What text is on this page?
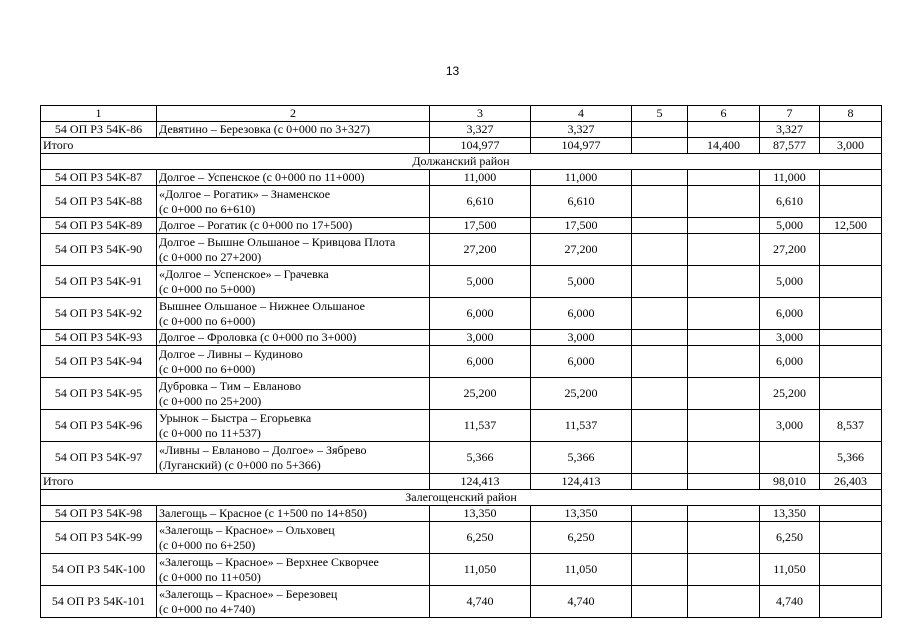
13
1	2	3	4	5	6	7	8
54 ОП РЗ 54К-86	Девятино – Березовка (с 0+000 по 3+327)	3,327	3,327			3,327	
Итого		104,977	104,977		14,400	87,577	3,000
Должанский район							
54 ОП РЗ 54К-87	Долгое – Успенское (с 0+000 по 11+000)	11,000	11,000			11,000	
54 ОП РЗ 54К-88	«Долгое – Рогатик» – Знаменское
(с 0+000 по 6+610)	6,610	6,610			6,610	
54 ОП РЗ 54К-89	Долгое – Рогатик (с 0+000 по 17+500)	17,500	17,500			5,000	12,500
54 ОП РЗ 54К-90	Долгое – Вышне Ольшаное – Кривцова Плота
(с 0+000 по 27+200)	27,200	27,200			27,200	
54 ОП РЗ 54К-91	«Долгое – Успенское» – Грачевка
(с 0+000 по 5+000)	5,000	5,000			5,000	
54 ОП РЗ 54К-92	Вышнее Ольшаное – Нижнее Ольшаное
(с 0+000 по 6+000)	6,000	6,000			6,000	
54 ОП РЗ 54К-93	Долгое – Фроловка (с 0+000 по 3+000)	3,000	3,000			3,000	
54 ОП РЗ 54К-94	Долгое – Ливны – Кудиново
(с 0+000 по 6+000)	6,000	6,000			6,000	
54 ОП РЗ 54К-95	Дубровка – Тим – Евланово
(с 0+000 по 25+200)	25,200	25,200			25,200	
54 ОП РЗ 54К-96	Урынок – Быстра – Егорьевка
(с 0+000 по 11+537)	11,537	11,537			3,000	8,537
54 ОП РЗ 54К-97	«Ливны – Евланово – Долгое» – Зябрево
(Луганский) (с 0+000 по 5+366)	5,366	5,366				5,366
Итого		124,413	124,413			98,010	26,403
Залегощенский район							
54 ОП РЗ 54К-98	Залегощь – Красное (с 1+500 по 14+850)	13,350	13,350			13,350	
54 ОП РЗ 54К-99	«Залегощь – Красное» – Ольховец
(с 0+000 по 6+250)	6,250	6,250			6,250	
54 ОП РЗ 54К-100	«Залегощь – Красное» – Верхнее Скворчее
(с 0+000 по 11+050)	11,050	11,050			11,050	
54 ОП РЗ 54К-101	«Залегощь – Красное» – Березовец
(с 0+000 по 4+740)	4,740	4,740			4,740	
